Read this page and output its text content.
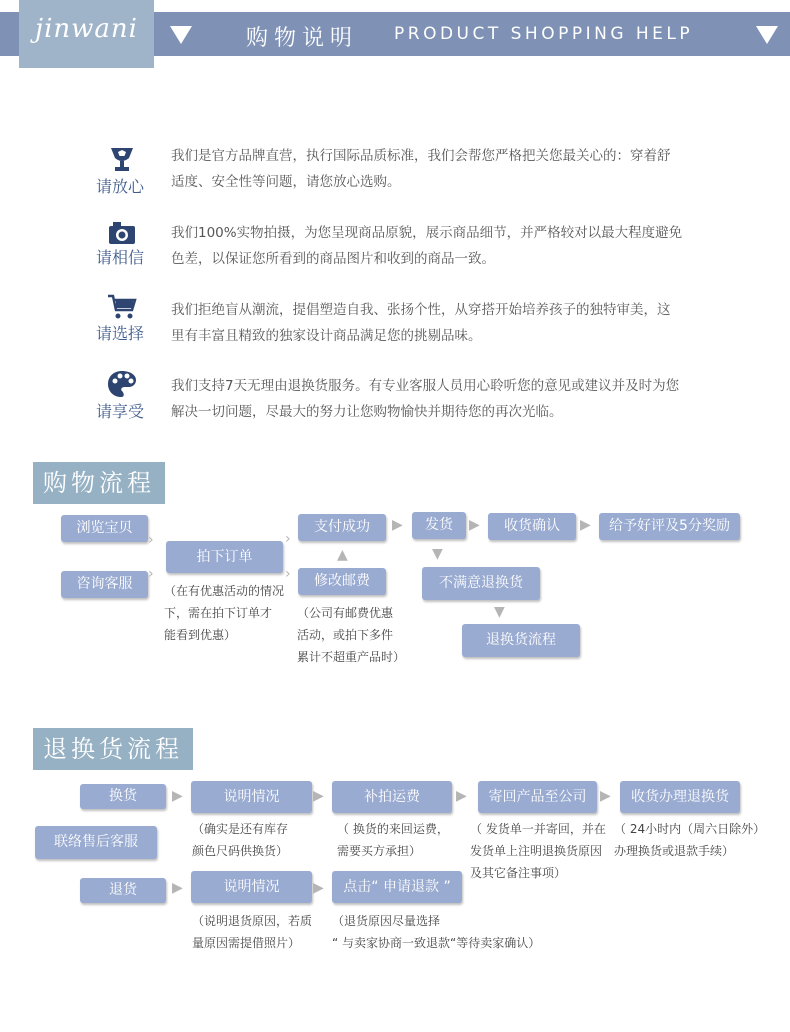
jinwani	购物说明 PRODUCT SHOPPING HELP
请放心
我们是官方品牌直营，执行国际品质标准，我们会帮您严格把关您最关心的：穿着舒
适度、安全性等问题，请您放心选购。
请相信
我们100%实物拍摄，为您呈现商品原貌，展示商品细节，并严格较对以最大程度避免
色差，以保证您所看到的商品图片和收到的商品一致。
请选择
我们拒绝盲从潮流，提倡塑造自我、张扬个性，从穿搭开始培养孩子的独特审美，这
里有丰富且精致的独家设计商品满足您的挑剔品味。
请享受
我们支持7天无理由退换货服务。有专业客服人员用心聆听您的意见或建议并及时为您
解决一切问题，尽最大的努力让您购物愉快并期待您的再次光临。
购物流程
浏览宝贝
咨询客服
›
›
拍下订单
（在有优惠活动的情况
下，需在拍下订单才
能看到优惠）
›
›
支付成功
▲
修改邮费
（公司有邮费优惠
活动，或拍下多件
累计不超重产品时）
▶	发货
▼
▶	收货确认	▶	给予好评及5分奖励
不满意退换货
▼
退换货流程
退换货流程
换货
联络售后客服
退货
▶	说明情况
（确实是还有库存
颜色尺码供换货）
▶	补拍运费
（ 换货的来回运费，
需要买方承担）
▶	寄回产品至公司
（ 发货单一并寄回，并在
发货单上注明退换货原因
及其它备注事项）
▶	收货办理退换货
（ 24小时内（周六日除外）
办理换货或退款手续）
▶	说明情况
（说明退货原因，若质
量原因需提借照片）
▶	点击“ 申请退款 ”
（退货原因尽量选择
“ 与卖家协商一致退款“等待卖家确认）
